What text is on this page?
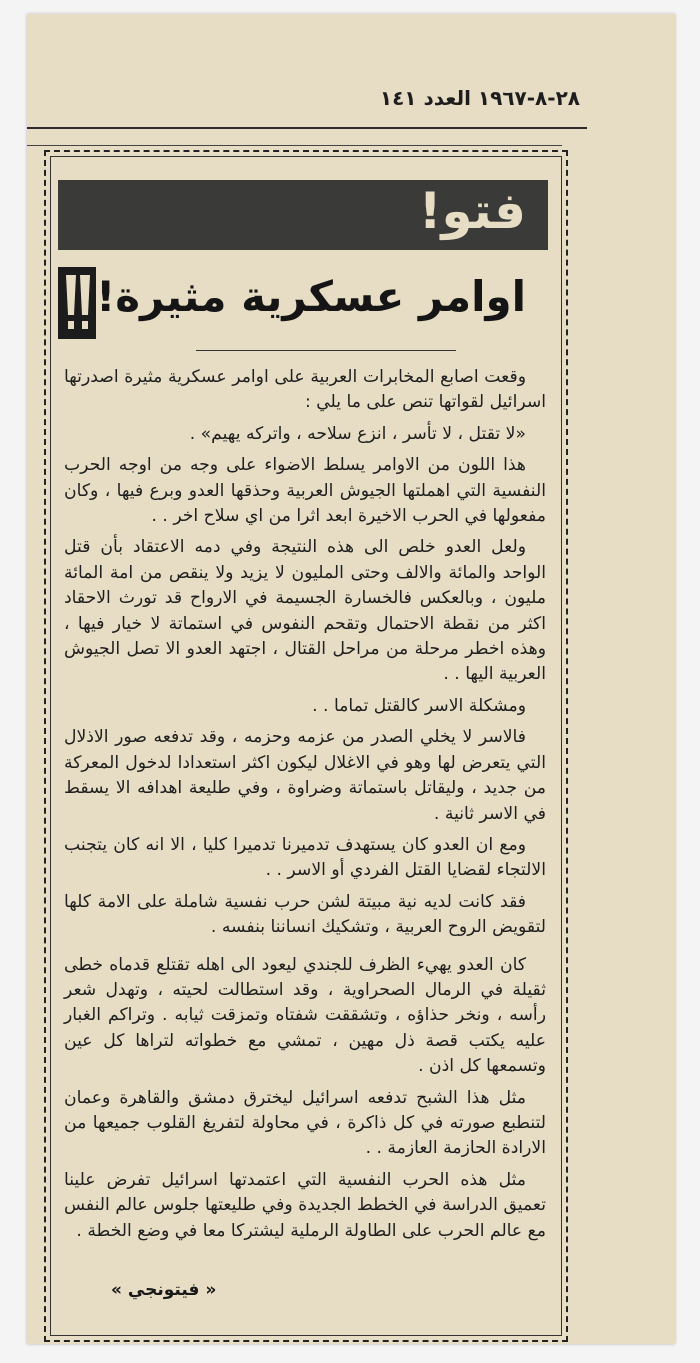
٢٨-٨-١٩٦٧ العدد ١٤١
فتو!
اوامر عسكرية مثيرة!

وقعت اصابع المخابرات العربية على اوامر عسكرية مثيرة اصدرتها اسرائيل لقواتها تنص على ما يلي :

«لا تقتل ، لا تأسر ، انزع سلاحه ، واتركه يهيم» .

هذا اللون من الاوامر يسلط الاضواء على وجه من اوجه الحرب النفسية التي اهملتها الجيوش العربية وحذقها العدو وبرع فيها ، وكان مفعولها في الحرب الاخيرة ابعد اثرا من اي سلاح اخر . .

ولعل العدو خلص الى هذه النتيجة وفي دمه الاعتقاد بأن قتل الواحد والمائة والالف وحتى المليون لا يزيد ولا ينقص من امة المائة مليون ، وبالعكس فالخسارة الجسيمة في الارواح قد تورث الاحقاد اكثر من نقطة الاحتمال وتقحم النفوس في استماتة لا خيار فيها ، وهذه اخطر مرحلة من مراحل القتال ، اجتهد العدو الا تصل الجيوش العربية اليها . .

ومشكلة الاسر كالقتل تماما . .

فالاسر لا يخلي الصدر من عزمه وحزمه ، وقد تدفعه صور الاذلال التي يتعرض لها وهو في الاغلال ليكون اكثر استعدادا لدخول المعركة من جديد ، وليقاتل باستماتة وضراوة ، وفي طليعة اهدافه الا يسقط في الاسر ثانية .

ومع ان العدو كان يستهدف تدميرنا تدميرا كليا ، الا انه كان يتجنب الالتجاء لقضايا القتل الفردي أو الاسر . .

فقد كانت لديه نية مبيتة لشن حرب نفسية شاملة على الامة كلها لتقويض الروح العربية ، وتشكيك انساننا بنفسه .

كان العدو يهيء الظرف للجندي ليعود الى اهله تقتلع قدماه خطى ثقيلة في الرمال الصحراوية ، وقد استطالت لحيته ، وتهدل شعر رأسه ، ونخر حذاؤه ، وتشققت شفتاه وتمزقت ثيابه . وتراكم الغبار عليه يكتب قصة ذل مهين ، تمشي مع خطواته لتراها كل عين وتسمعها كل اذن .

مثل هذا الشبح تدفعه اسرائيل ليخترق دمشق والقاهرة وعمان لتنطبع صورته في كل ذاكرة ، في محاولة لتفريغ القلوب جميعها من الارادة الحازمة العازمة . .

مثل هذه الحرب النفسية التي اعتمدتها اسرائيل تفرض علينا تعميق الدراسة في الخطط الجديدة وفي طليعتها جلوس عالم النفس مع عالم الحرب على الطاولة الرملية ليشتركا معا في وضع الخطة .

« فيتونجي »
